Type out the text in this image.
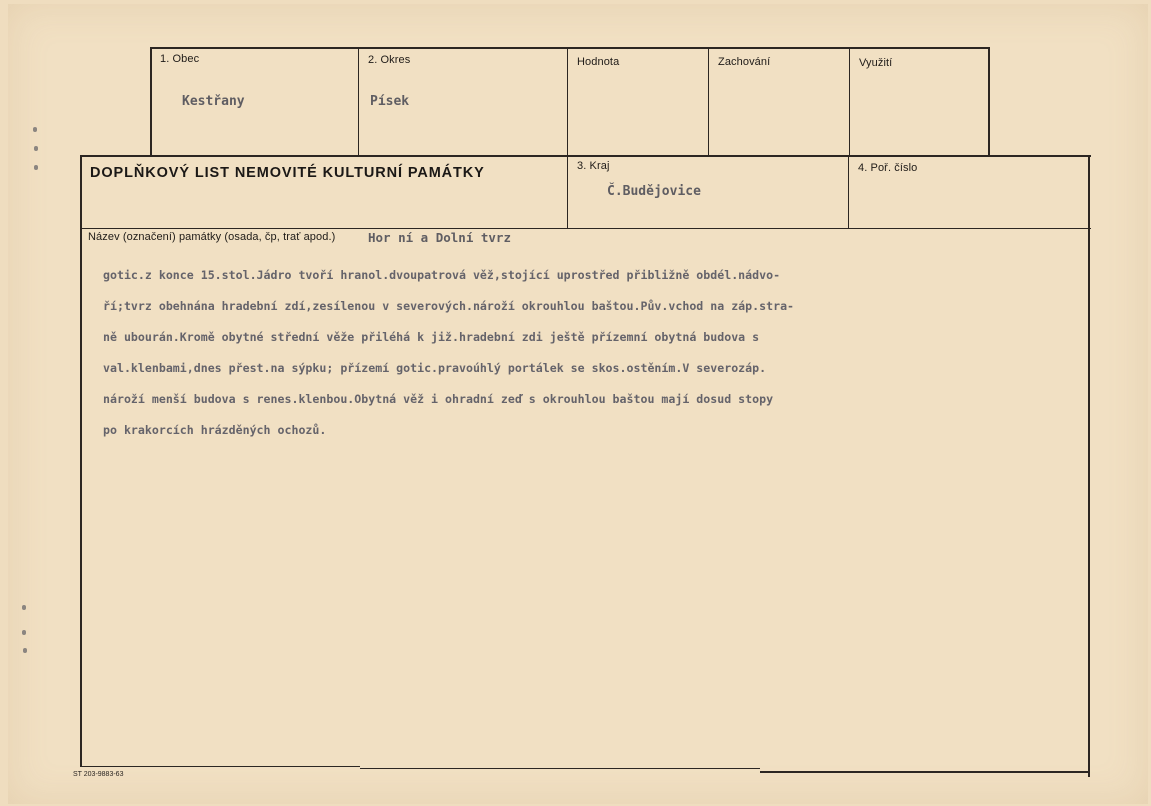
1. Obec
Kestřany
2. Okres
Písek
Hodnota	Zachování	Využití
DOPLŇKOVÝ LIST NEMOVITÉ KULTURNÍ PAMÁTKY	3. Kraj
Č.Budějovice
4. Poř. číslo
Název (označení) památky (osada, čp, trať apod.)	Hor ní a Dolní tvrz

gotic.z konce 15.stol.Jádro tvoří hranol.dvoupatrová věž,stojící uprostřed přibližně obdél.nádvo-

ří;tvrz obehnána hradební zdí,zesílenou v severových.nároží okrouhlou baštou.Pův.vchod na záp.stra-

ně ubourán.Kromě obytné střední věže přiléhá k již.hradební zdi ještě přízemní obytná budova s

val.klenbami,dnes přest.na sýpku; přízemí gotic.pravoúhlý portálek se skos.ostěním.V severozáp.

nároží menší budova s renes.klenbou.Obytná věž i ohradní zeď s okrouhlou baštou mají dosud stopy

po krakorcích hrázděných ochozů.

ST 203-9883-63
